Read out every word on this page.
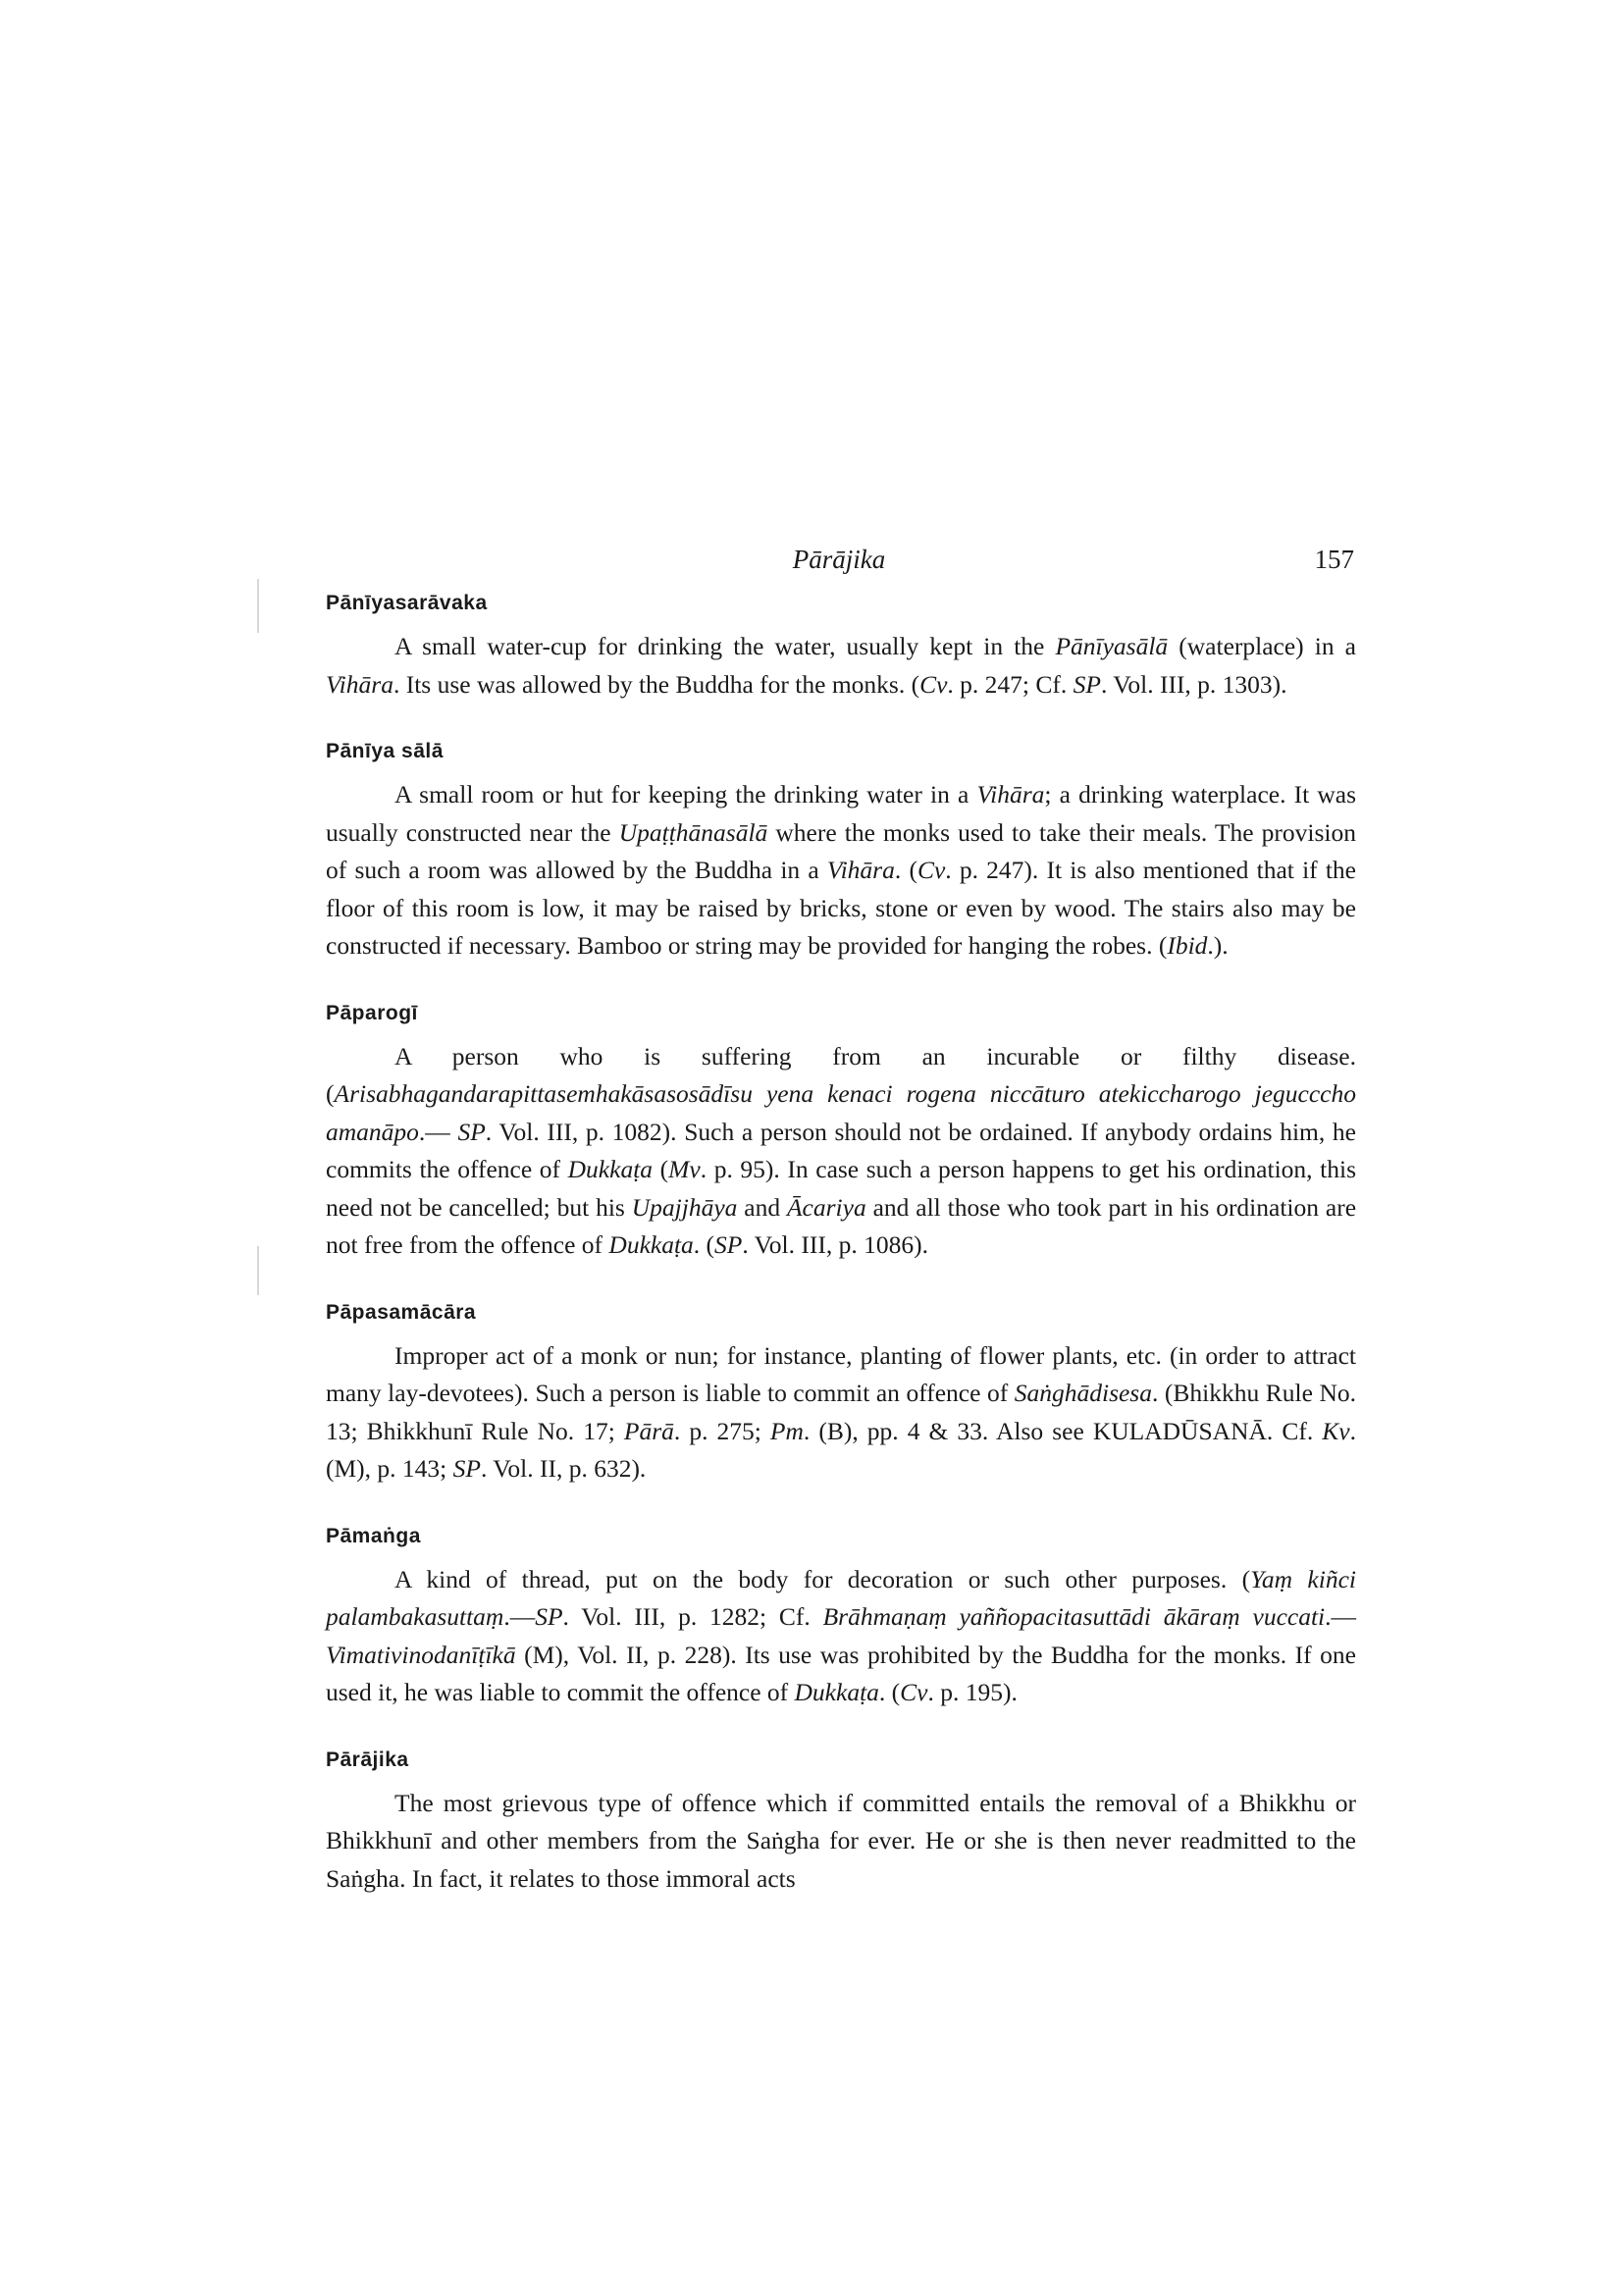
Pārājika	157
Pānīyasarāvaka

A small water-cup for drinking the water, usually kept in the Pānīyasālā (waterplace) in a Vihāra. Its use was allowed by the Buddha for the monks. (Cv. p. 247; Cf. SP. Vol. III, p. 1303).

Pānīya sālā

A small room or hut for keeping the drinking water in a Vihāra; a drinking waterplace. It was usually constructed near the Upaṭṭhānasālā where the monks used to take their meals. The provision of such a room was allowed by the Buddha in a Vihāra. (Cv. p. 247). It is also mentioned that if the floor of this room is low, it may be raised by bricks, stone or even by wood. The stairs also may be constructed if necessary. Bamboo or string may be provided for hanging the robes. (Ibid.).

Pāparogī

A person who is suffering from an incurable or filthy disease. (Arisabhagandarapittasemhakāsasosādīsu yena kenaci rogena niccāturo atekiccharogo jegucccho amanāpo.— SP. Vol. III, p. 1082). Such a person should not be ordained. If anybody ordains him, he commits the offence of Dukkaṭa (Mv. p. 95). In case such a person happens to get his ordination, this need not be cancelled; but his Upajjhāya and Ācariya and all those who took part in his ordination are not free from the offence of Dukkaṭa. (SP. Vol. III, p. 1086).

Pāpasamācāra

Improper act of a monk or nun; for instance, planting of flower plants, etc. (in order to attract many lay-devotees). Such a person is liable to commit an offence of Saṅghādisesa. (Bhikkhu Rule No. 13; Bhikkhunī Rule No. 17; Pārā. p. 275; Pm. (B), pp. 4 & 33. Also see KULADŪSANĀ. Cf. Kv. (M), p. 143; SP. Vol. II, p. 632).

Pāmaṅga

A kind of thread, put on the body for decoration or such other purposes. (Yaṃ kiñci palambakasuttaṃ.—SP. Vol. III, p. 1282; Cf. Brāhmaṇaṃ yaññopacitasuttādi ākāraṃ vuccati.—Vimativinodanīṭīkā (M), Vol. II, p. 228). Its use was prohibited by the Buddha for the monks. If one used it, he was liable to commit the offence of Dukkaṭa. (Cv. p. 195).

Pārājika

The most grievous type of offence which if committed entails the removal of a Bhikkhu or Bhikkhunī and other members from the Saṅgha for ever. He or she is then never readmitted to the Saṅgha. In fact, it relates to those immoral acts
